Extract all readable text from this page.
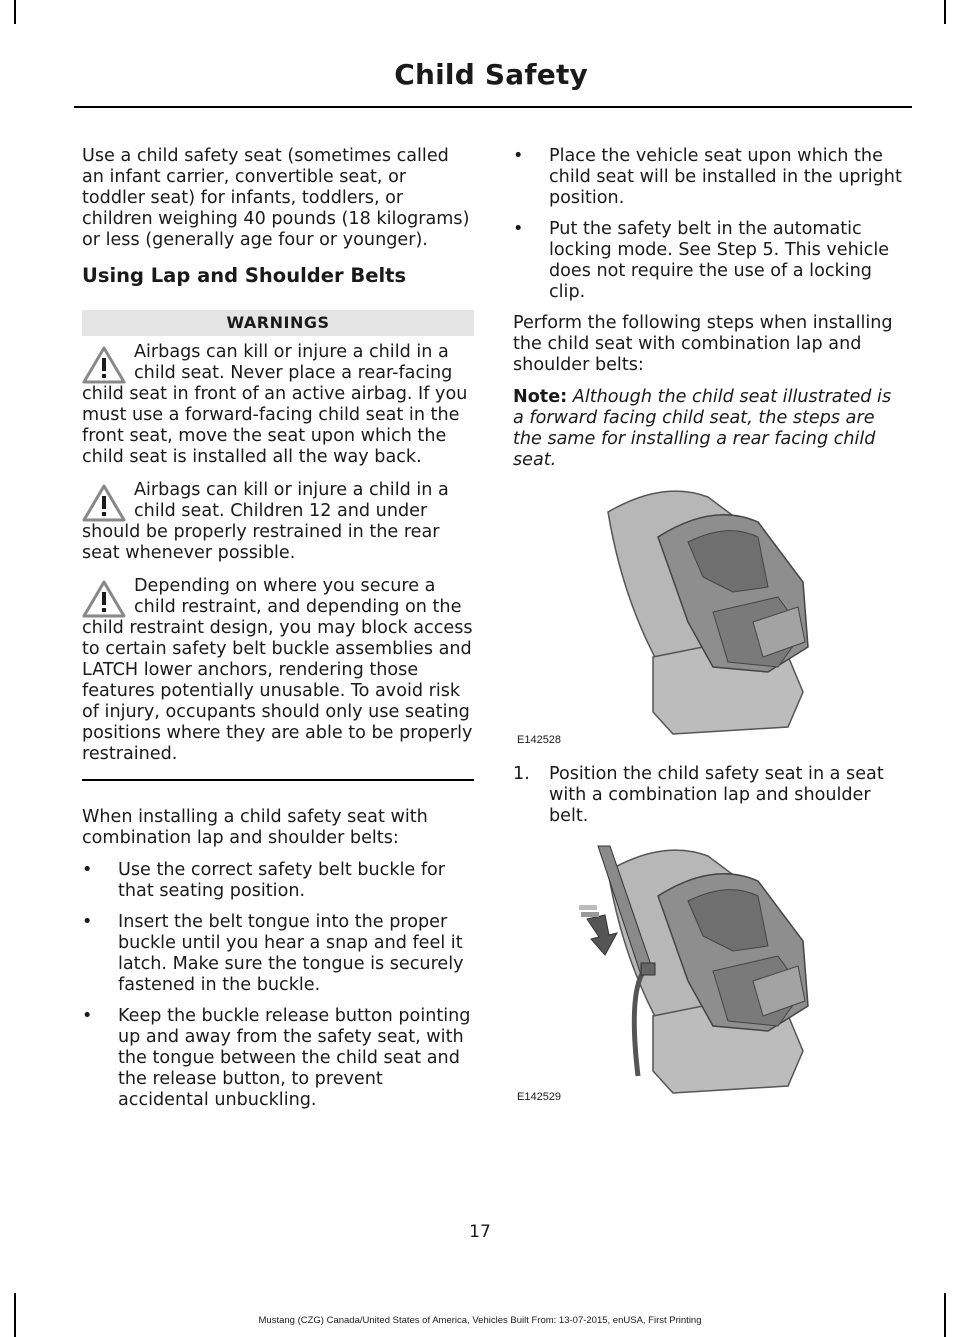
Child Safety

Use a child safety seat (sometimes called an infant carrier, convertible seat, or toddler seat) for infants, toddlers, or children weighing 40 pounds (18 kilograms) or less (generally age four or younger).

Using Lap and Shoulder Belts
WARNINGS
Airbags can kill or injure a child in a child seat. Never place a rear-facing child seat in front of an active airbag. If you must use a forward-facing child seat in the front seat, move the seat upon which the child seat is installed all the way back.
Airbags can kill or injure a child in a child seat. Children 12 and under should be properly restrained in the rear seat whenever possible.
Depending on where you secure a child restraint, and depending on the child restraint design, you may block access to certain safety belt buckle assemblies and LATCH lower anchors, rendering those features potentially unusable. To avoid risk of injury, occupants should only use seating positions where they are able to be properly restrained.

When installing a child safety seat with combination lap and shoulder belts:

• Use the correct safety belt buckle for that seating position.
• Insert the belt tongue into the proper buckle until you hear a snap and feel it latch. Make sure the tongue is securely fastened in the buckle.
• Keep the buckle release button pointing up and away from the safety seat, with the tongue between the child seat and the release button, to prevent accidental unbuckling.
• Place the vehicle seat upon which the child seat will be installed in the upright position.
• Put the safety belt in the automatic locking mode. See Step 5. This vehicle does not require the use of a locking clip.

Perform the following steps when installing the child seat with combination lap and shoulder belts:

Note: Although the child seat illustrated is a forward facing child seat, the steps are the same for installing a rear facing child seat.

E142528
1. Position the child safety seat in a seat with a combination lap and shoulder belt.
E142529
17
Mustang (CZG) Canada/United States of America, Vehicles Built From: 13-07-2015, enUSA, First Printing
